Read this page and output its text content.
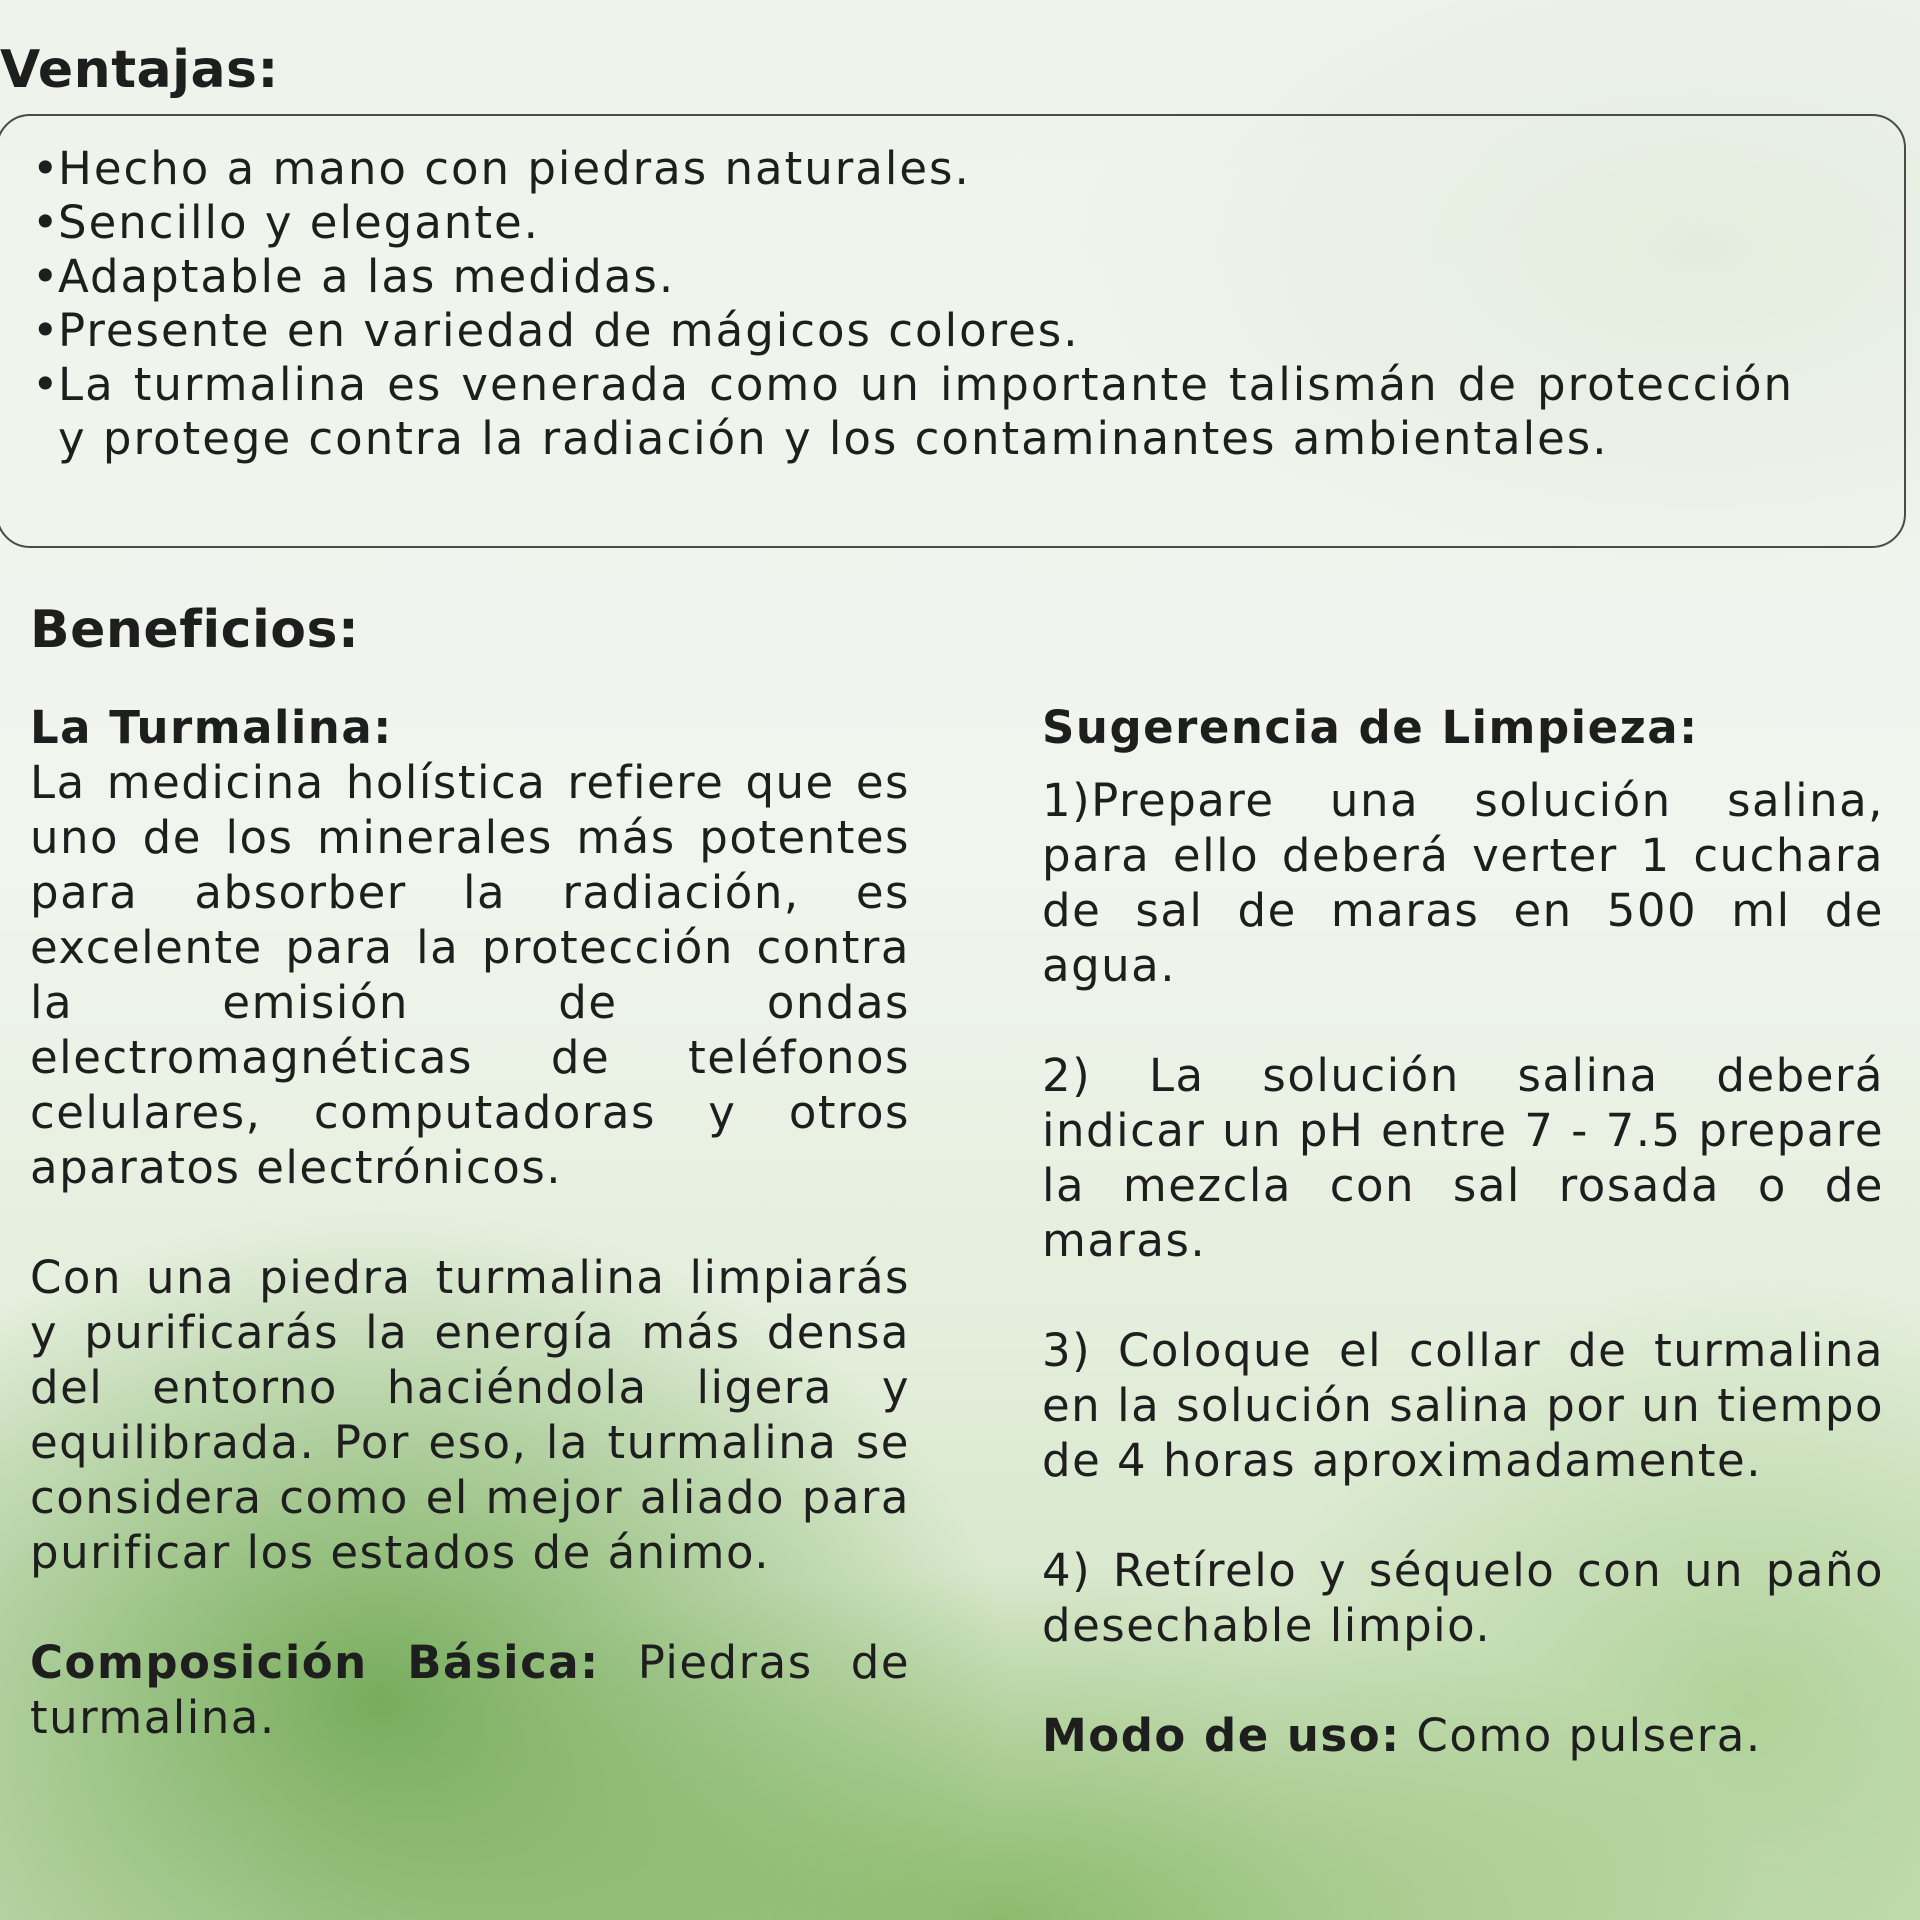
Ventajas:
•
Hecho a mano con piedras naturales.
•
Sencillo y elegante.
•
Adaptable a las medidas.
•
Presente en variedad de mágicos colores.
•
La turmalina es venerada como un importante talismán de protección y protege contra la radiación y los contaminantes ambientales.
Beneficios:
La Turmalina:

La medicina holística refiere que es uno de los minerales más potentes para absorber la radiación, es excelente para la protección contra la emisión de ondas electromagnéticas de teléfonos celulares, computadoras y otros aparatos electrónicos.

Con una piedra turmalina limpiarás y purificarás la energía más densa del entorno haciéndola ligera y equilibrada. Por eso, la turmalina se considera como el mejor aliado para purificar los estados de ánimo.

Composición Básica: Piedras de turmalina.

Sugerencia de Limpieza:

1)Prepare una solución salina, para ello deberá verter 1 cuchara de sal de maras en 500 ml de agua.

2) La solución salina deberá indicar un pH entre 7 - 7.5 prepare la mezcla con sal rosada o de maras.

3) Coloque el collar de turmalina en la solución salina por un tiempo de 4 horas aproximadamente.

4) Retírelo y séquelo con un paño desechable limpio.

Modo de uso: Como pulsera.
